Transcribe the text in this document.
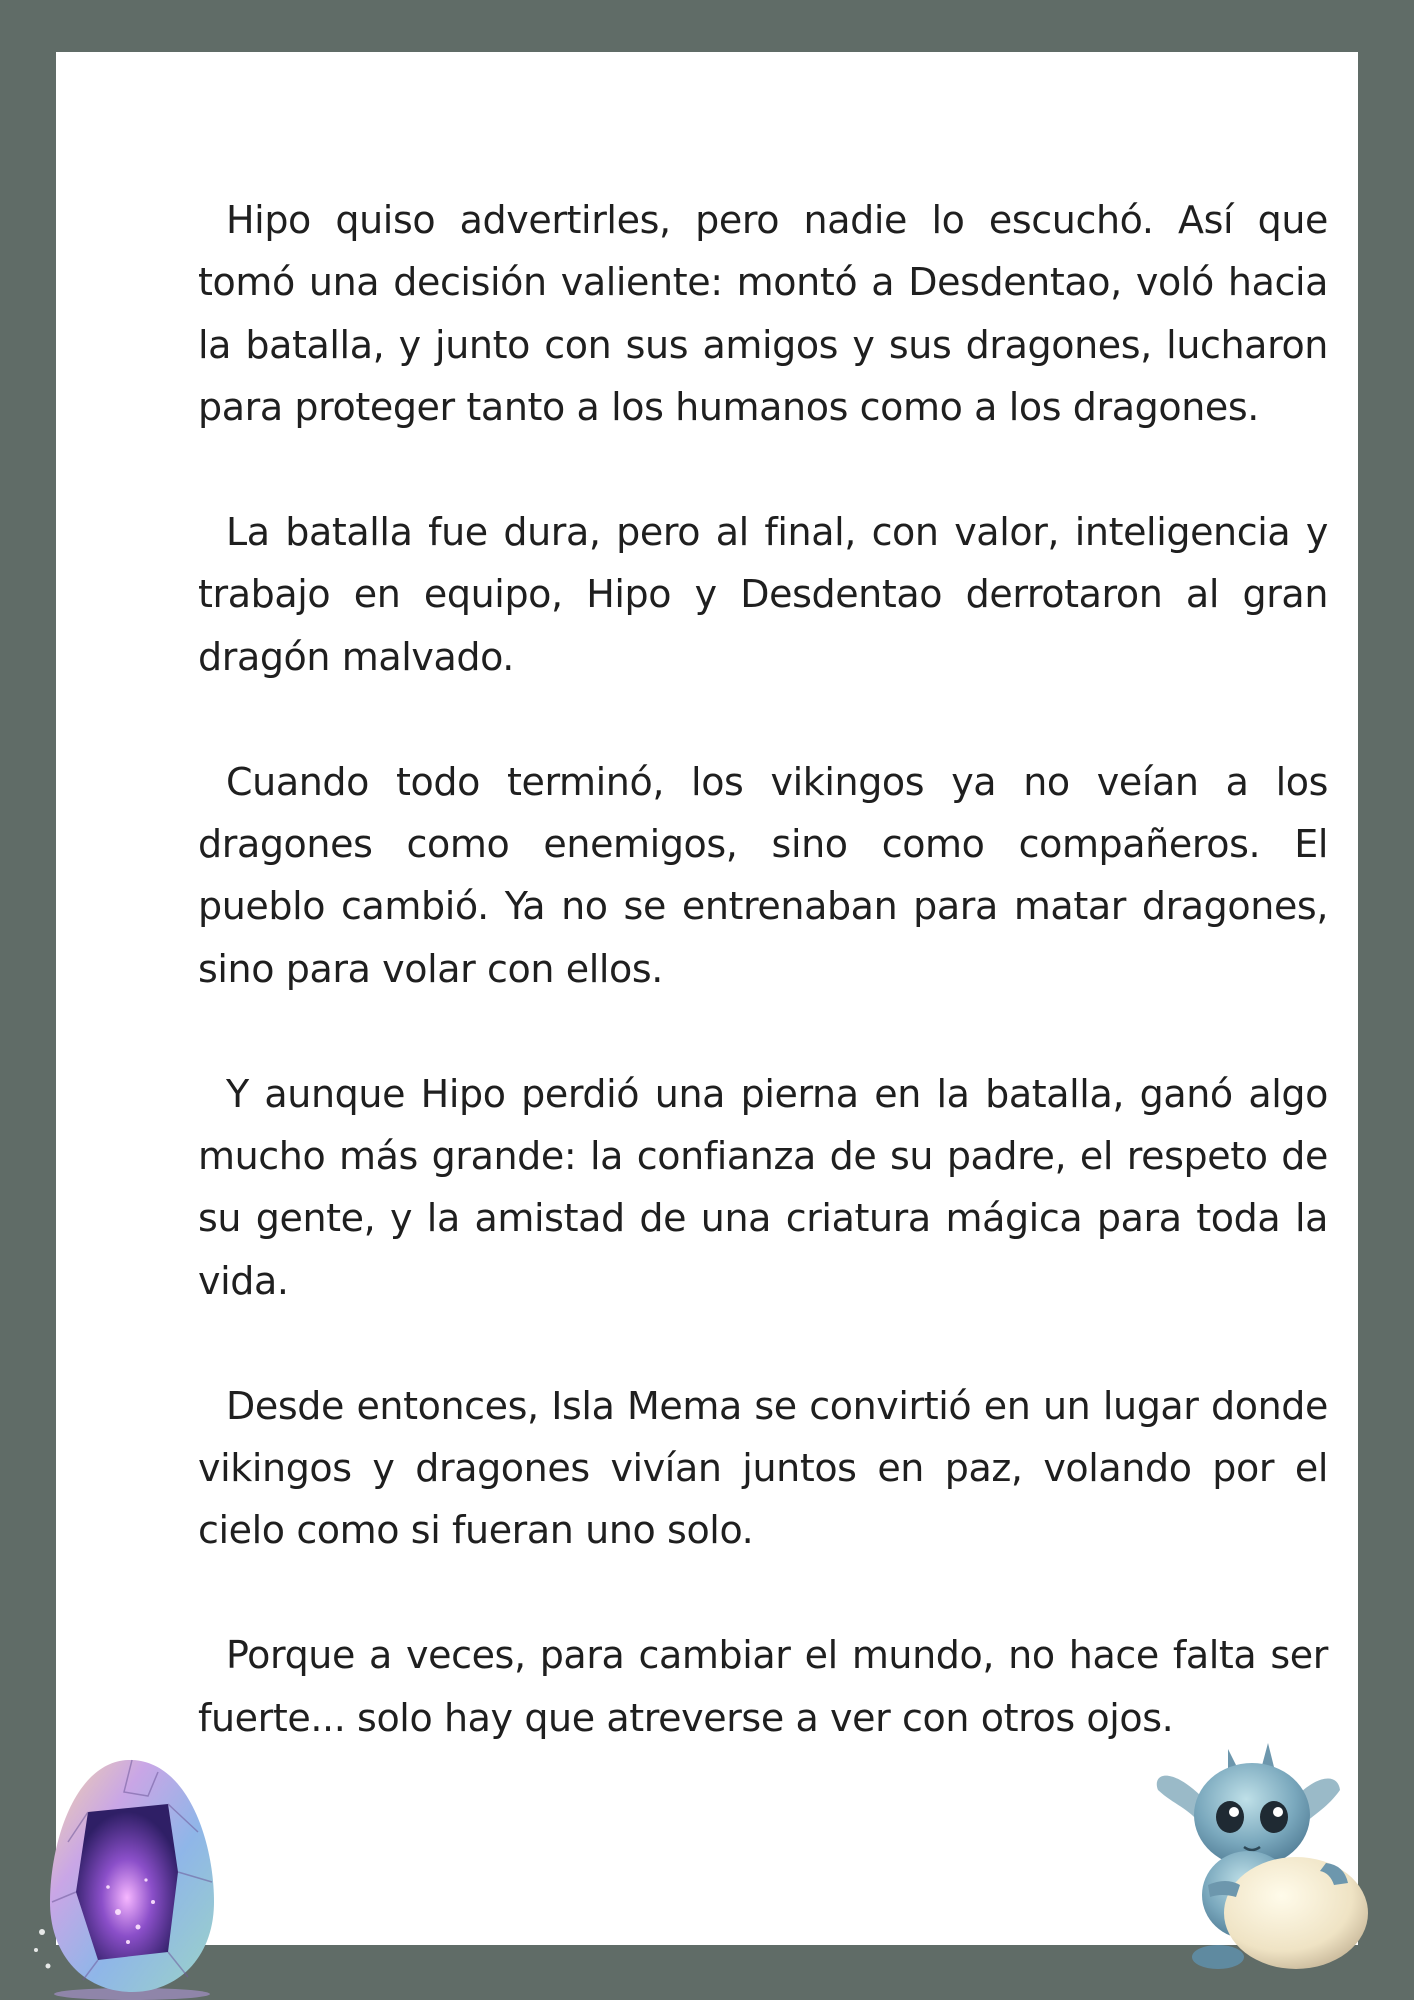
Hipo quiso advertirles, pero nadie lo escuchó. Así que tomó una decisión valiente: montó a Desdentao, voló hacia la batalla, y junto con sus amigos y sus dragones, lucharon para proteger tanto a los humanos como a los dragones.

La batalla fue dura, pero al final, con valor, inteligencia y trabajo en equipo, Hipo y Desdentao derrotaron al gran dragón malvado.

Cuando todo terminó, los vikingos ya no veían a los dragones como enemigos, sino como compañeros. El pueblo cambió. Ya no se entrenaban para matar dragones, sino para volar con ellos.

Y aunque Hipo perdió una pierna en la batalla, ganó algo mucho más grande: la confianza de su padre, el respeto de su gente, y la amistad de una criatura mágica para toda la vida.

Desde entonces, Isla Mema se convirtió en un lugar donde vikingos y dragones vivían juntos en paz, volando por el cielo como si fueran uno solo.

Porque a veces, para cambiar el mundo, no hace falta ser fuerte... solo hay que atreverse a ver con otros ojos.
